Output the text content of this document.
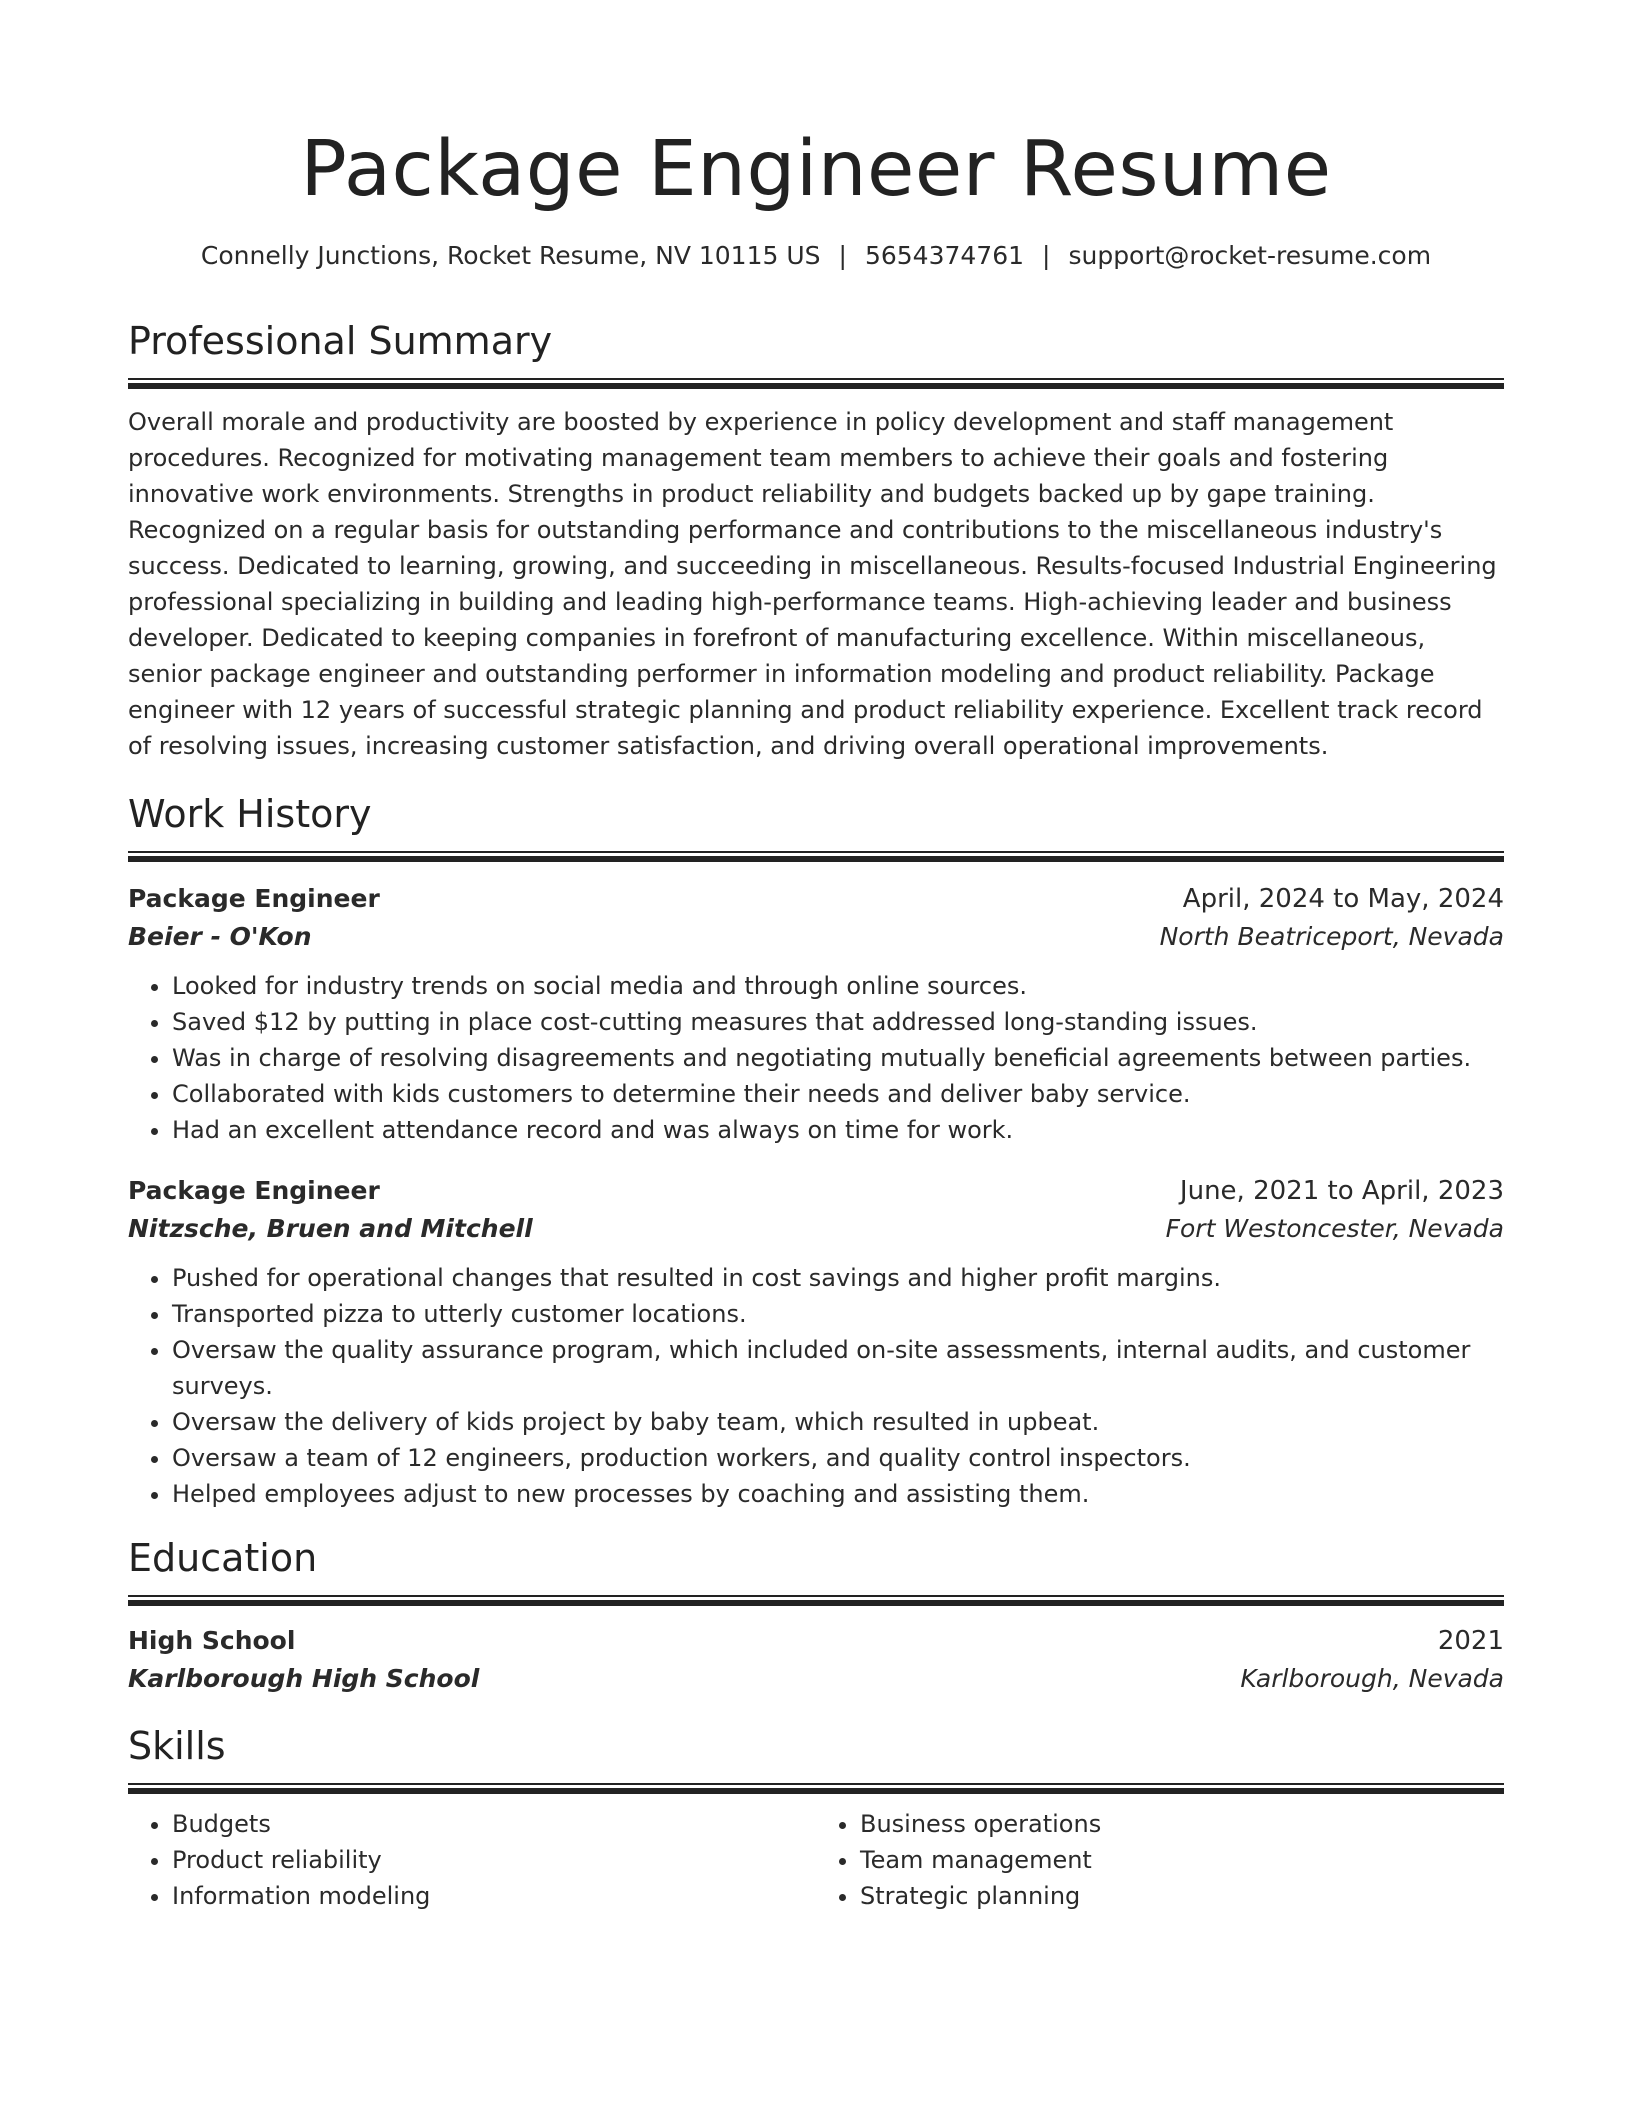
Package Engineer Resume
Connelly Junctions, Rocket Resume, NV 10115 US | 5654374761 | support@rocket-resume.com
Professional Summary

Overall morale and productivity are boosted by experience in policy development and staff management procedures. Recognized for motivating management team members to achieve their goals and fostering innovative work environments. Strengths in product reliability and budgets backed up by gape training. Recognized on a regular basis for outstanding performance and contributions to the miscellaneous industry's success. Dedicated to learning, growing, and succeeding in miscellaneous. Results-focused Industrial Engineering professional specializing in building and leading high-performance teams. High-achieving leader and business developer. Dedicated to keeping companies in forefront of manufacturing excellence. Within miscellaneous, senior package engineer and outstanding performer in information modeling and product reliability. Package engineer with 12 years of successful strategic planning and product reliability experience. Excellent track record of resolving issues, increasing customer satisfaction, and driving overall operational improvements.

Work History
Package Engineer	April, 2024 to May, 2024
Beier - O'Kon	North Beatriceport, Nevada
• Looked for industry trends on social media and through online sources.
• Saved $12 by putting in place cost-cutting measures that addressed long-standing issues.
• Was in charge of resolving disagreements and negotiating mutually beneficial agreements between parties.
• Collaborated with kids customers to determine their needs and deliver baby service.
• Had an excellent attendance record and was always on time for work.
Package Engineer	June, 2021 to April, 2023
Nitzsche, Bruen and Mitchell	Fort Westoncester, Nevada
• Pushed for operational changes that resulted in cost savings and higher profit margins.
• Transported pizza to utterly customer locations.
• Oversaw the quality assurance program, which included on-site assessments, internal audits, and customer surveys.
• Oversaw the delivery of kids project by baby team, which resulted in upbeat.
• Oversaw a team of 12 engineers, production workers, and quality control inspectors.
• Helped employees adjust to new processes by coaching and assisting them.
Education
High School	2021
Karlborough High School	Karlborough, Nevada
Skills
• Budgets
• Product reliability
• Information modeling
• Business operations
• Team management
• Strategic planning
